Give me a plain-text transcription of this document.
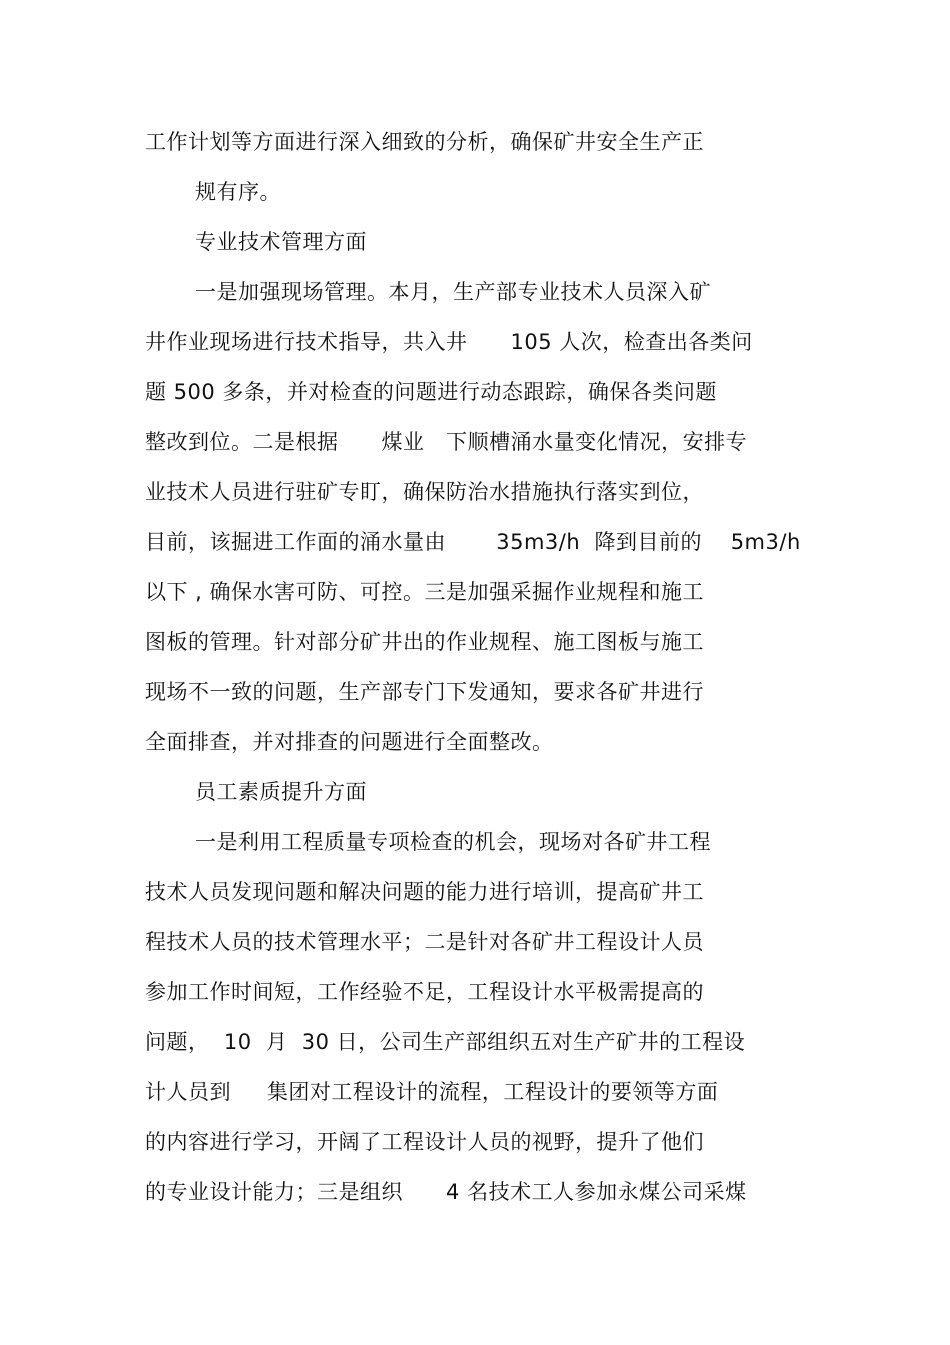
工作计划等方面进行深入细致的分析，确保矿井安全生产正
规有序。
专业技术管理方面
一是加强现场管理。本月，生产部专业技术人员深入矿
井作业现场进行技术指导，共入井      105 人次，检查出各类问
题 500 多条，并对检查的问题进行动态跟踪，确保各类问题
整改到位。二是根据      煤业   下顺槽涌水量变化情况，安排专
业技术人员进行驻矿专盯，确保防治水措施执行落实到位，
目前，该掘进工作面的涌水量由       35m3/h  降到目前的    5m3/h
以下 , 确保水害可防、可控。三是加强采掘作业规程和施工
图板的管理。针对部分矿井出的作业规程、施工图板与施工
现场不一致的问题，生产部专门下发通知，要求各矿井进行
全面排查，并对排查的问题进行全面整改。
员工素质提升方面
一是利用工程质量专项检查的机会，现场对各矿井工程
技术人员发现问题和解决问题的能力进行培训，提高矿井工
程技术人员的技术管理水平；二是针对各矿井工程设计人员
参加工作时间短，工作经验不足，工程设计水平极需提高的
问题，  10  月  30 日，公司生产部组织五对生产矿井的工程设
计人员到     集团对工程设计的流程，工程设计的要领等方面
的内容进行学习，开阔了工程设计人员的视野，提升了他们
的专业设计能力；三是组织      4 名技术工人参加永煤公司采煤
